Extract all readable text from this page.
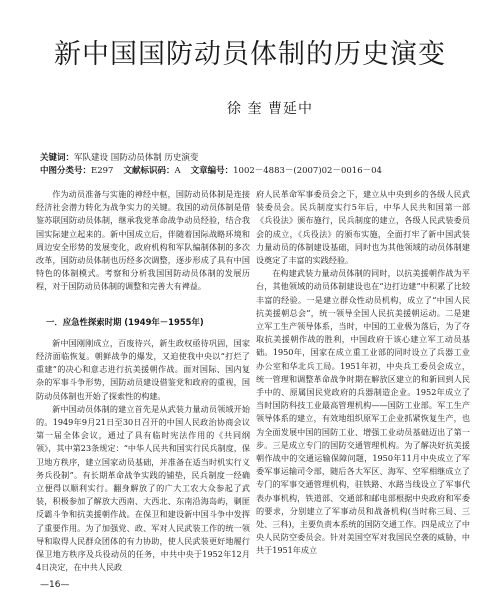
新中国国防动员体制的历史演变
徐 奎 曹延中
关键词：军队建设 国防动员体制 历史演变
中图分类号：E297 文献标识码：A 文章编号：1002－4883－(2007)02－0016－04

作为动员准备与实施的神经中枢，国防动员体制是连接经济社会潜力转化为战争实力的关键。我国的动员体制是借鉴苏联国防动员体制，继承我党革命战争动员经验，结合我国实际建立起来的。新中国成立后，伴随着国际战略环境和周边安全形势的发展变化，政府机构和军队编制体制的多次改革，国防动员体制也历经多次调整，逐步形成了具有中国特色的体制模式。考察和分析我国国防动员体制的发展历程，对于国防动员体制的调整和完善大有裨益。

一．应急性探索时期 (1949年－1955年)

新中国刚刚成立，百废待兴，新生政权亟待巩固，国家经济面临恢复。朝鲜战争的爆发，又迫使我中央以“打烂了重建”的决心和意志进行抗美援朝作战。面对国际、国内复杂的军事斗争形势，国防动员建设借鉴党和政府的重视，国防动员体制也开始了探索性的构建。

新中国动员体制的建立首先是从武装力量动员领域开始的。1949年9月21日至30日召开的中国人民政治协商会议第一届全体会议，通过了具有临时宪法作用的《共同纲领》，其中第23条规定：“中华人民共和国实行民兵制度，保卫地方秩序，建立国家动员基础，并准备在适当时机实行义务兵役制”。有长期革命战争实践的铺垫，民兵制度一经确立便得以顺利实行。翻身解放了的广大工农大众参起了武装，积极参加了解放大西南、大西北、东南沿海岛屿，剿匪反霸斗争和抗美援朝作战。在保卫和建设新中国斗争中发挥了重要作用。为了加强党、政、军对人民武装工作的统一领导和取得人民群众团体的有力协助，使人民武装更好地履行保卫地方秩序及兵役动员的任务，中共中央于1952年12月4日决定，在中共人民政

府人民革命军事委员会之下，建立从中央到乡的各级人民武装委员会。民兵制度实行5年后，中华人民共和国第一部《兵役法》颁布施行，民兵制度的建立，各级人民武装委员会的成立，《兵役法》的颁布实施，全面打牢了新中国武装力量动员的体制建设基础，同时也为其他领域的动员体制建设奠定了丰富的实践经验。

在构建武装力量动员体制的同时，以抗美援朝作战为平台，其他领域的动员体制建设也在“边打边建”中积累了比较丰富的经验。一是建立群众性动员机构，成立了“中国人民抗美援朝总会”，统一领导全国人民抗美援朝运动。二是建立军工生产领导体系，当时，中国的工业极为落后，为了夺取抗美援朝作战的胜利，中国政府于该心建立军工动员基础。1950年，国家在成立重工业部的同时设立了兵器工业办公室和华北兵工局。1951年初，中央兵工委员会成立，统一管理和调整革命战争时期在解放区建立的和新回到人民手中的、原属国民党政府的兵器制造企业。1952年成立了当时国防科技工业最高管理机构——国防工业部。军工生产领导体系的建立，有效地组织原军工企业抓紧恢复生产，也为全面发展中国的国防工业、增强工业动员基础迈出了第一步。三是成立专门的国防交通管理机构。为了解决好抗美援朝作战中的交通运输保障问题，1950年11月中央成立了军委军事运输司令部，随后各大军区、海军、空军相继成立了专门的军事交通管理机构，驻铁路、水路当线设立了军事代表办事机构，铁道部、交通部和邮电部根据中央政府和军委的要求，分别建立了军事动员和战备机构(当时称三局、三处、三科)，主要负责本系统的国防交通工作。四是成立了中央人民防空委员会。针对美国空军对我国民空袭的威胁，中共于1951年成立

—16—
